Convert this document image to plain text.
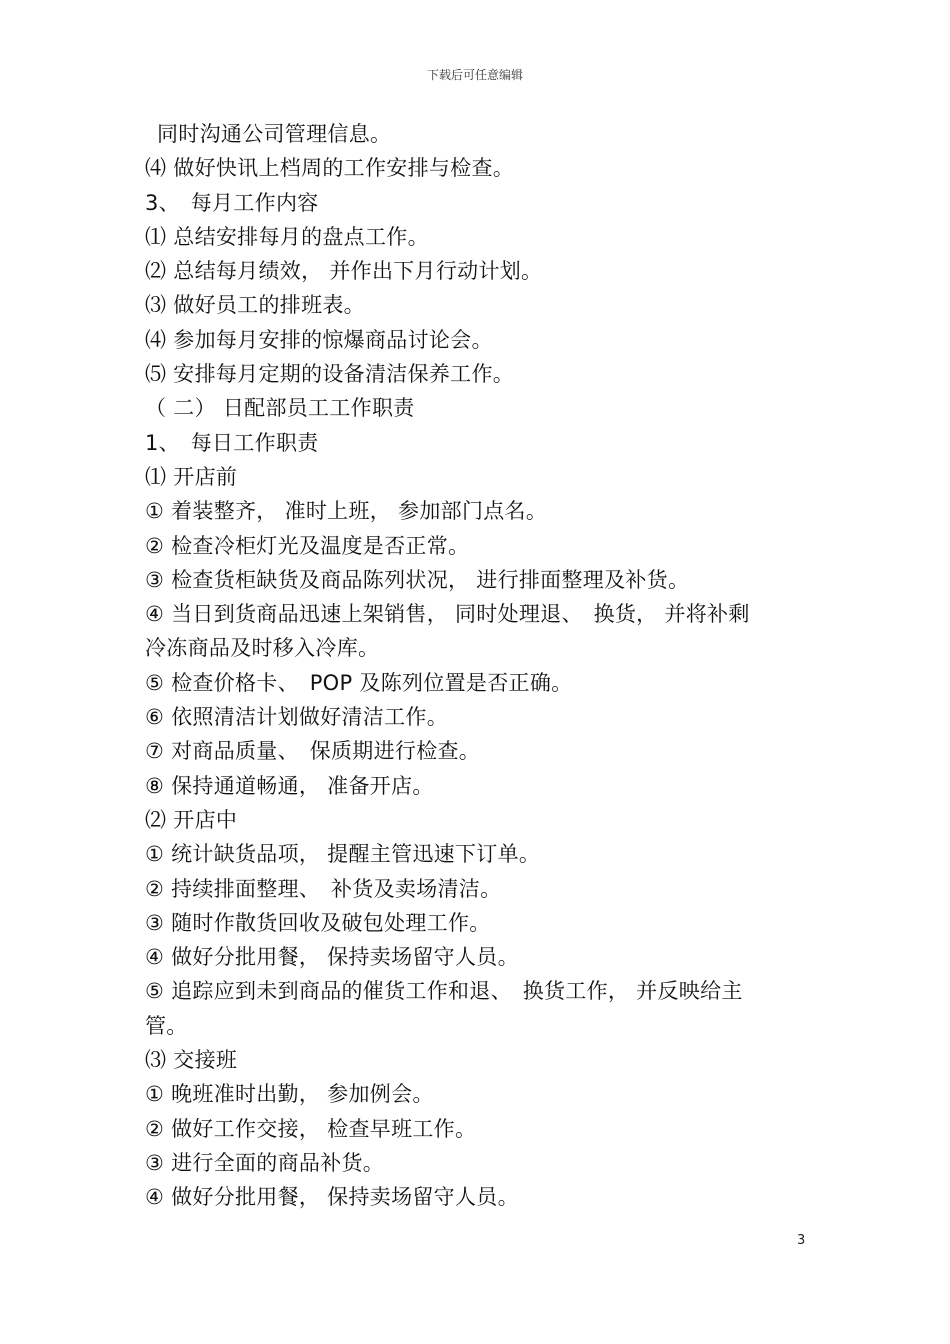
下载后可任意编辑
同时沟通公司管理信息。
⑷ 做好快讯上档周的工作安排与检查。
3、　每月工作内容
⑴ 总结安排每月的盘点工作。
⑵ 总结每月绩效， 并作出下月行动计划。
⑶ 做好员工的排班表。
⑷ 参加每月安排的惊爆商品讨论会。
⑸ 安排每月定期的设备清洁保养工作。
（ 二） 日配部员工工作职责
1、　每日工作职责
⑴ 开店前
① 着装整齐， 准时上班， 参加部门点名。
② 检查冷柜灯光及温度是否正常。
③ 检查货柜缺货及商品陈列状况， 进行排面整理及补货。
④ 当日到货商品迅速上架销售， 同时处理退、　换货， 并将补剩
冷冻商品及时移入冷库。
⑤ 检查价格卡、　POP 及陈列位置是否正确。
⑥ 依照清洁计划做好清洁工作。
⑦ 对商品质量、　保质期进行检查。
⑧ 保持通道畅通， 准备开店。
⑵ 开店中
① 统计缺货品项， 提醒主管迅速下订单。
② 持续排面整理、　补货及卖场清洁。
③ 随时作散货回收及破包处理工作。
④ 做好分批用餐， 保持卖场留守人员。
⑤ 追踪应到未到商品的催货工作和退、　换货工作， 并反映给主
管。
⑶ 交接班
① 晚班准时出勤， 参加例会。
② 做好工作交接， 检查早班工作。
③ 进行全面的商品补货。
④ 做好分批用餐， 保持卖场留守人员。
3
